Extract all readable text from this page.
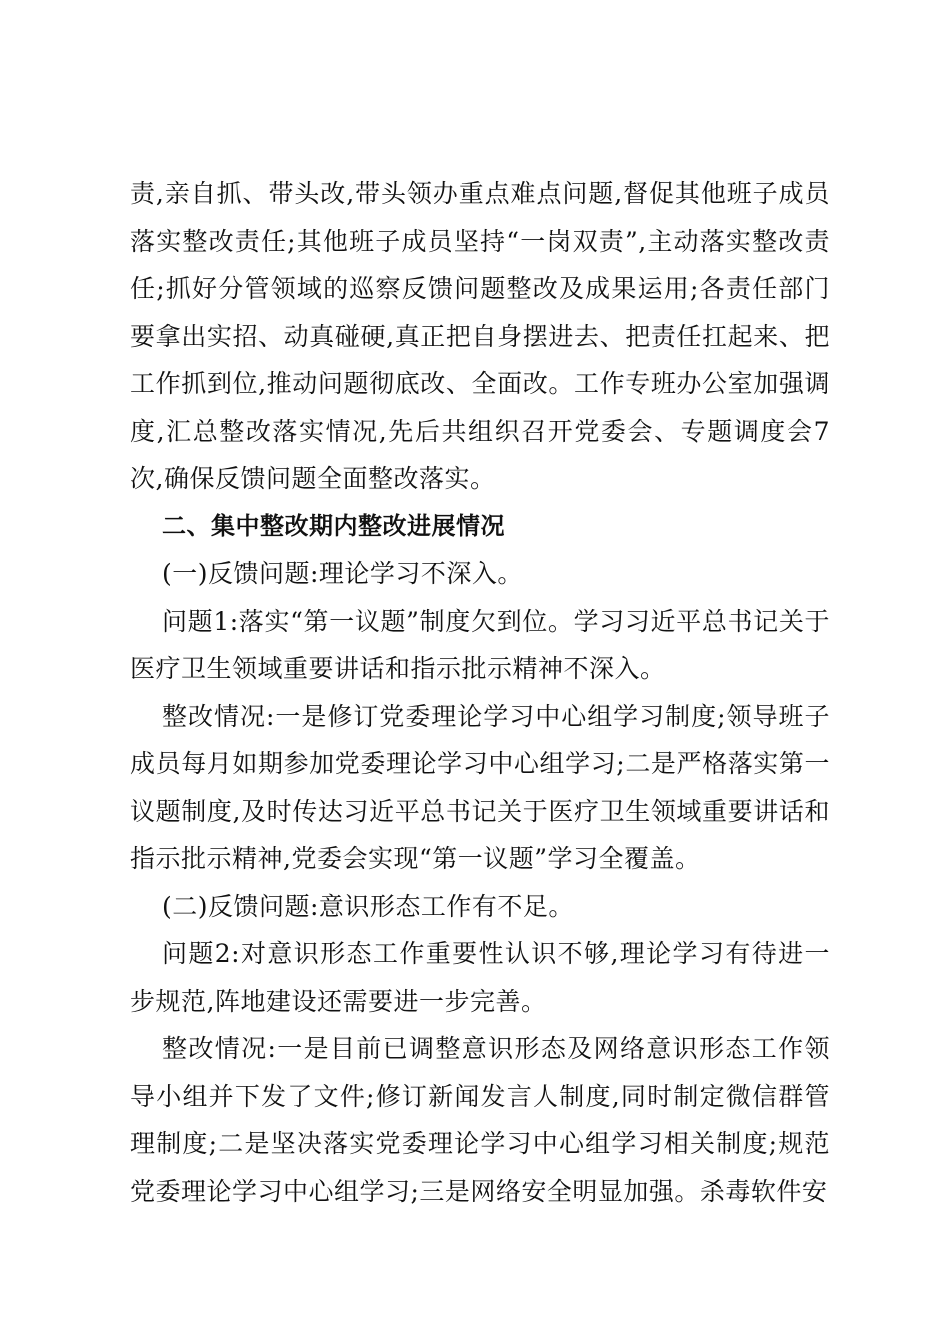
责,亲自抓、带头改,带头领办重点难点问题,督促其他班子成员落实整改责任;其他班子成员坚持“一岗双责”,主动落实整改责任;抓好分管领域的巡察反馈问题整改及成果运用;各责任部门要拿出实招、动真碰硬,真正把自身摆进去、把责任扛起来、把工作抓到位,推动问题彻底改、全面改。工作专班办公室加强调度,汇总整改落实情况,先后共组织召开党委会、专题调度会7次,确保反馈问题全面整改落实。

二、集中整改期内整改进展情况

(一)反馈问题:理论学习不深入。

问题1:落实“第一议题”制度欠到位。学习习近平总书记关于医疗卫生领域重要讲话和指示批示精神不深入。

整改情况:一是修订党委理论学习中心组学习制度;领导班子成员每月如期参加党委理论学习中心组学习;二是严格落实第一议题制度,及时传达习近平总书记关于医疗卫生领域重要讲话和指示批示精神,党委会实现“第一议题”学习全覆盖。

(二)反馈问题:意识形态工作有不足。

问题2:对意识形态工作重要性认识不够,理论学习有待进一步规范,阵地建设还需要进一步完善。

整改情况:一是目前已调整意识形态及网络意识形态工作领导小组并下发了文件;修订新闻发言人制度,同时制定微信群管理制度;二是坚决落实党委理论学习中心组学习相关制度;规范党委理论学习中心组学习;三是网络安全明显加强。杀毒软件安
